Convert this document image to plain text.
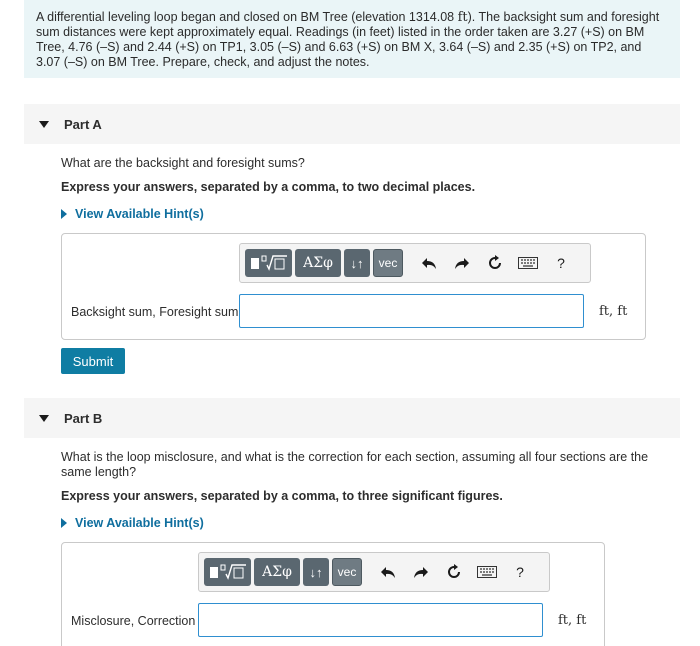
A differential leveling loop began and closed on BM Tree (elevation 1314.08 ft). The backsight sum and foresight sum distances were kept approximately equal. Readings (in feet) listed in the order taken are 3.27 (+S) on BM Tree, 4.76 (–S) and 2.44 (+S) on TP1, 3.05 (–S) and 6.63 (+S) on BM X, 3.64 (–S) and 2.35 (+S) on TP2, and 3.07 (–S) on BM Tree. Prepare, check, and adjust the notes.
Part A
What are the backsight and foresight sums?
Express your answers, separated by a comma, to two decimal places.
View Available Hint(s)
ΑΣφ ↓↑ vec	?
Backsight sum, Foresight sum	ft, ft
Submit
Part B
What is the loop misclosure, and what is the correction for each section, assuming all four sections are the same length?
Express your answers, separated by a comma, to three significant figures.
View Available Hint(s)
ΑΣφ ↓↑ vec	?
Misclosure, Correction	ft, ft
